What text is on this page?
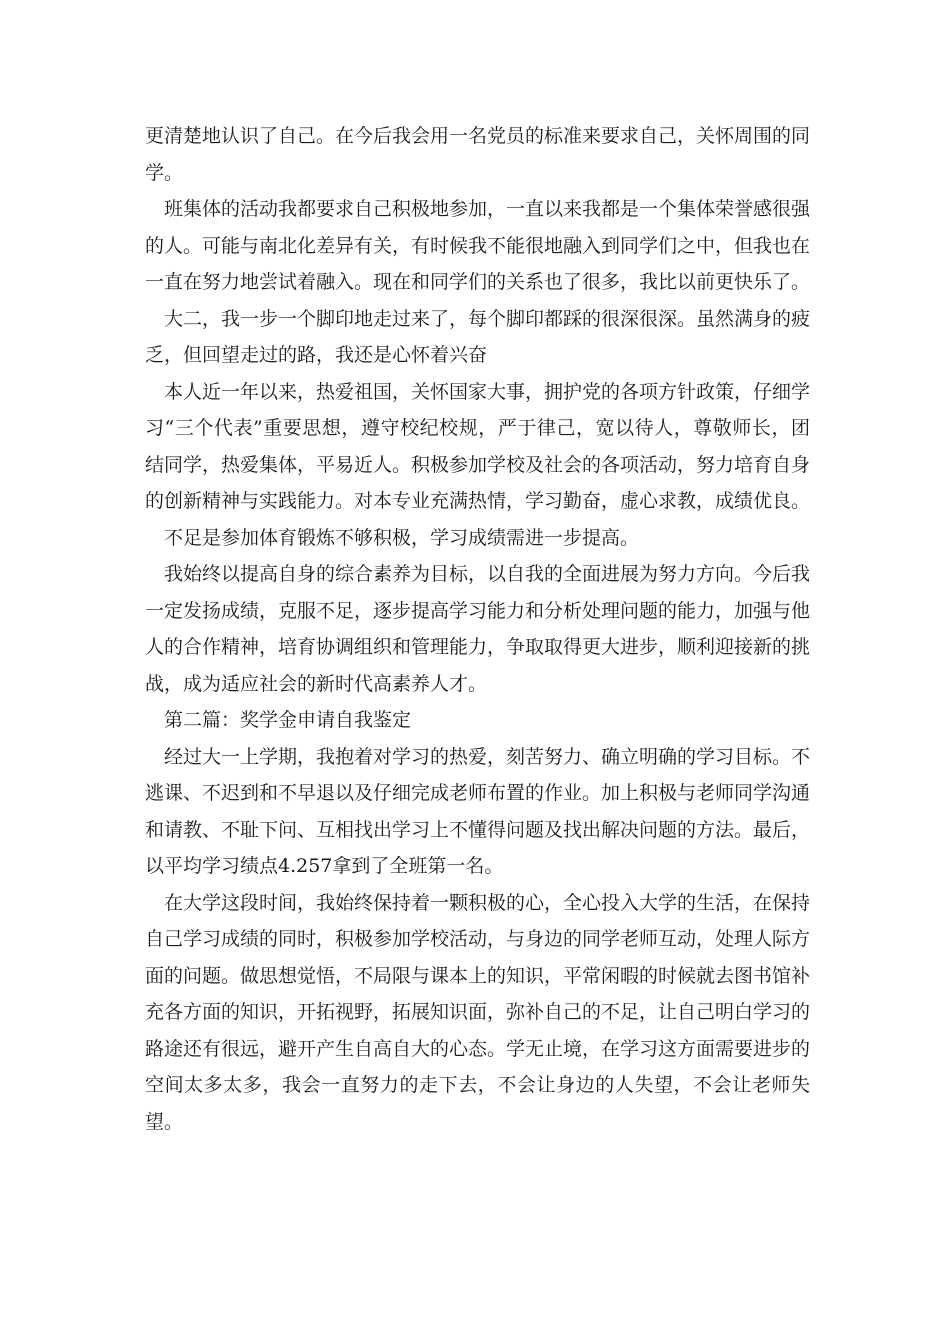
更清楚地认识了自己。在今后我会用一名党员的标准来要求自己，关怀周围的同学。

班集体的活动我都要求自己积极地参加，一直以来我都是一个集体荣誉感很强的人。可能与南北化差异有关，有时候我不能很地融入到同学们之中，但我也在一直在努力地尝试着融入。现在和同学们的关系也了很多，我比以前更快乐了。

大二，我一步一个脚印地走过来了，每个脚印都踩的很深很深。虽然满身的疲乏，但回望走过的路，我还是心怀着兴奋

本人近一年以来，热爱祖国，关怀国家大事，拥护党的各项方针政策，仔细学习“三个代表”重要思想，遵守校纪校规，严于律己，宽以待人，尊敬师长，团结同学，热爱集体，平易近人。积极参加学校及社会的各项活动，努力培育自身的创新精神与实践能力。对本专业充满热情，学习勤奋，虚心求教，成绩优良。

不足是参加体育锻炼不够积极，学习成绩需进一步提高。

我始终以提高自身的综合素养为目标，以自我的全面进展为努力方向。今后我一定发扬成绩，克服不足，逐步提高学习能力和分析处理问题的能力，加强与他人的合作精神，培育协调组织和管理能力，争取取得更大进步，顺利迎接新的挑战，成为适应社会的新时代高素养人才。

第二篇：奖学金申请自我鉴定

经过大一上学期，我抱着对学习的热爱，刻苦努力、确立明确的学习目标。不逃课、不迟到和不早退以及仔细完成老师布置的作业。加上积极与老师同学沟通和请教、不耻下问、互相找出学习上不懂得问题及找出解决问题的方法。最后，以平均学习绩点4.257拿到了全班第一名。

在大学这段时间，我始终保持着一颗积极的心，全心投入大学的生活，在保持自己学习成绩的同时，积极参加学校活动，与身边的同学老师互动，处理人际方面的问题。做思想觉悟，不局限与课本上的知识，平常闲暇的时候就去图书馆补充各方面的知识，开拓视野，拓展知识面，弥补自己的不足，让自己明白学习的路途还有很远，避开产生自高自大的心态。学无止境，在学习这方面需要进步的空间太多太多，我会一直努力的走下去，不会让身边的人失望，不会让老师失望。
